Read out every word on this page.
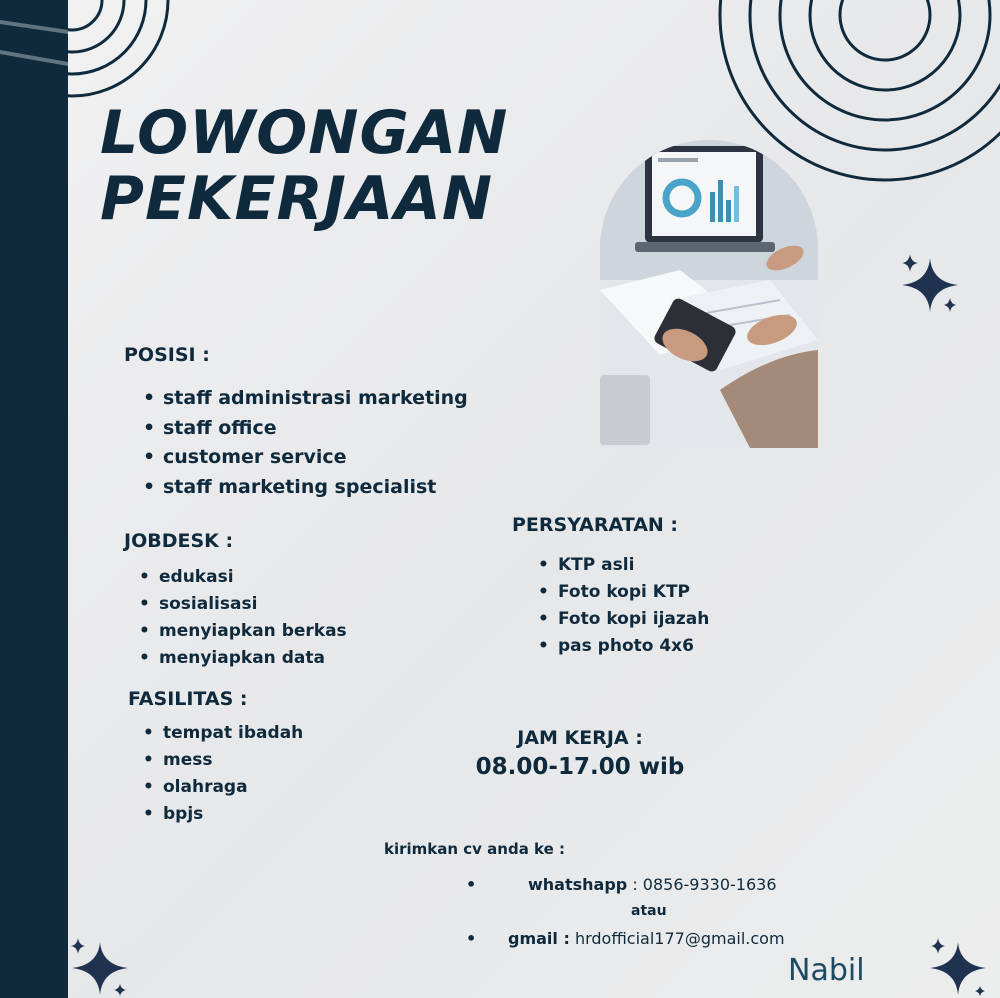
LOWONGAN
PEKERJAAN
POSISI :
• staff administrasi marketing
• staff office
• customer service
• staff marketing specialist
JOBDESK :
• edukasi
• sosialisasi
• menyiapkan berkas
• menyiapkan data
PERSYARATAN :
• KTP asli
• Foto kopi KTP
• Foto kopi ijazah
• pas photo 4x6
FASILITAS :
• tempat ibadah
• mess
• olahraga
• bpjs
JAM KERJA :
08.00-17.00 wib
kirimkan cv anda ke :
•	whatshapp : 0856-9330-1636
atau
• gmail : hrdofficial177@gmail.com
Nabil
